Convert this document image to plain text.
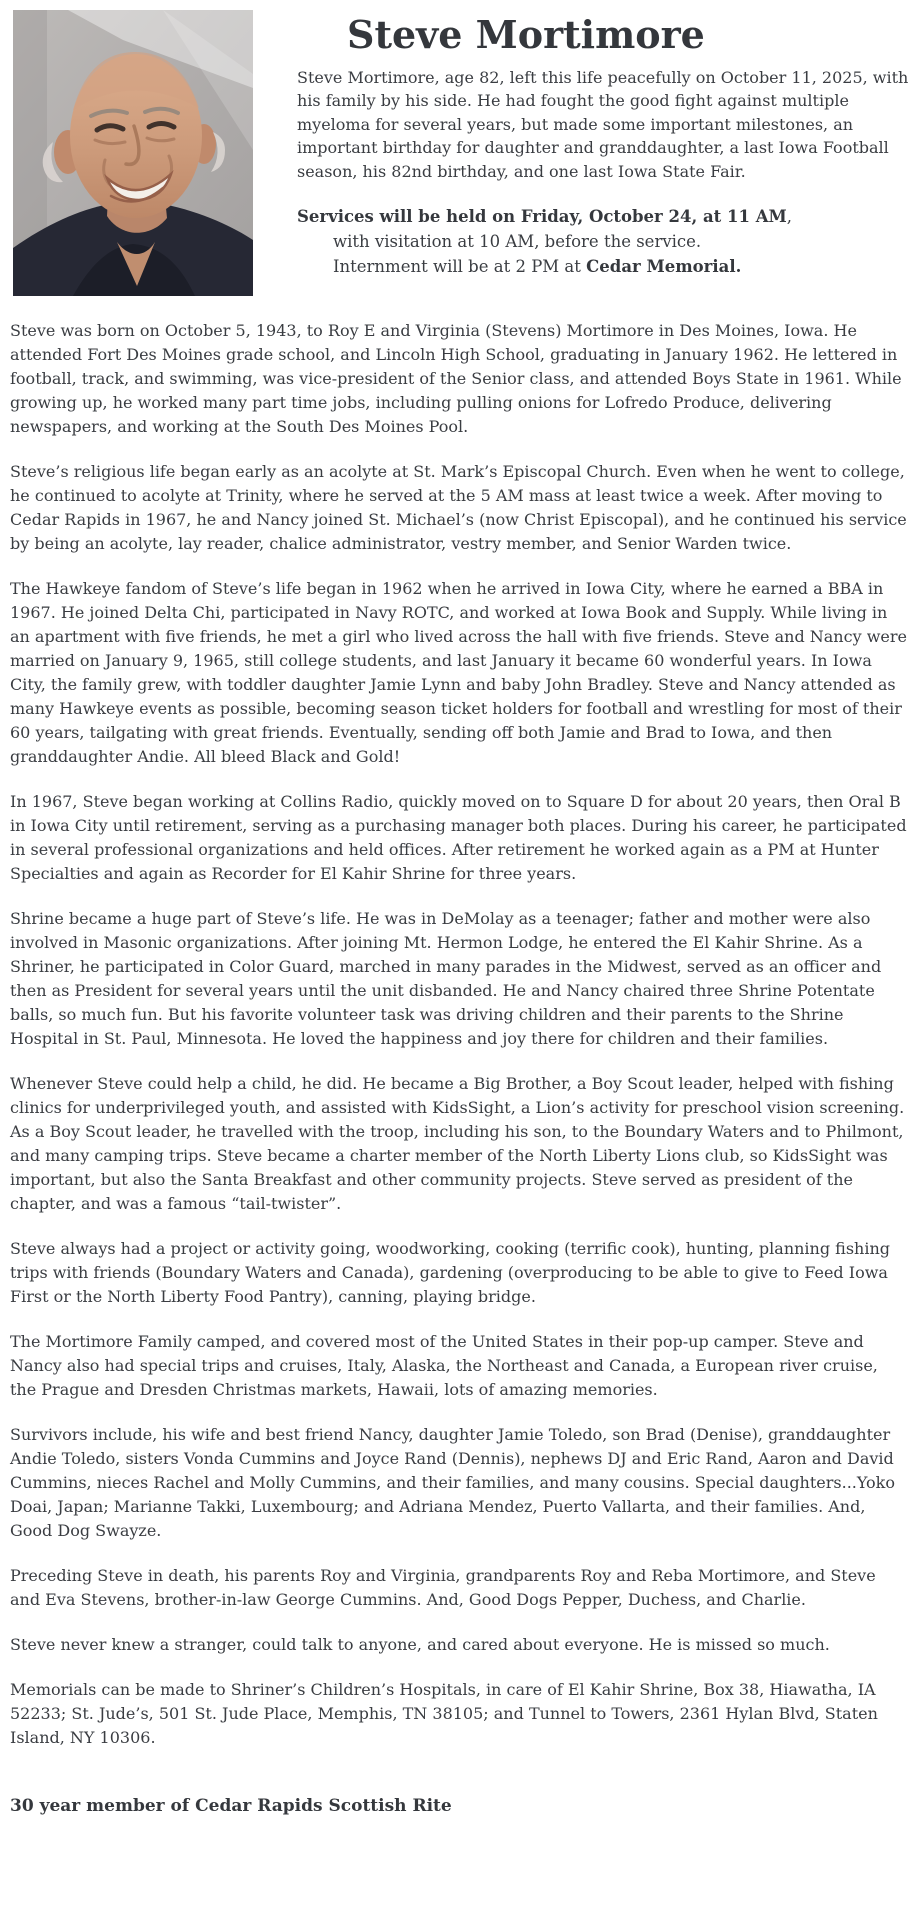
Steve Mortimore

Steve Mortimore, age 82, left this life peacefully on October 11, 2025, with his family by his side. He had fought the good fight against multiple myeloma for several years, but made some important milestones, an important birthday for daughter and granddaughter, a last Iowa Football season, his 82nd birthday, and one last Iowa State Fair.

Services will be held on Friday, October 24, at 11 AM,
with visitation at 10 AM, before the service.
Internment will be at 2 PM at Cedar Memorial.

Steve was born on October 5, 1943, to Roy E and Virginia (Stevens) Mortimore in Des Moines, Iowa. He attended Fort Des Moines grade school, and Lincoln High School, graduating in January 1962. He lettered in football, track, and swimming, was vice-president of the Senior class, and attended Boys State in 1961. While growing up, he worked many part time jobs, including pulling onions for Lofredo Produce, delivering newspapers, and working at the South Des Moines Pool.

Steve’s religious life began early as an acolyte at St. Mark’s Episcopal Church. Even when he went to college, he continued to acolyte at Trinity, where he served at the 5 AM mass at least twice a week. After moving to Cedar Rapids in 1967, he and Nancy joined St. Michael’s (now Christ Episcopal), and he continued his service by being an acolyte, lay reader, chalice administrator, vestry member, and Senior Warden twice.

The Hawkeye fandom of Steve’s life began in 1962 when he arrived in Iowa City, where he earned a BBA in 1967. He joined Delta Chi, participated in Navy ROTC, and worked at Iowa Book and Supply. While living in an apartment with five friends, he met a girl who lived across the hall with five friends. Steve and Nancy were married on January 9, 1965, still college students, and last January it became 60 wonderful years. In Iowa City, the family grew, with toddler daughter Jamie Lynn and baby John Bradley. Steve and Nancy attended as many Hawkeye events as possible, becoming season ticket holders for football and wrestling for most of their 60 years, tailgating with great friends. Eventually, sending off both Jamie and Brad to Iowa, and then granddaughter Andie. All bleed Black and Gold!

In 1967, Steve began working at Collins Radio, quickly moved on to Square D for about 20 years, then Oral B in Iowa City until retirement, serving as a purchasing manager both places. During his career, he participated in several professional organizations and held offices. After retirement he worked again as a PM at Hunter Specialties and again as Recorder for El Kahir Shrine for three years.

Shrine became a huge part of Steve’s life. He was in DeMolay as a teenager; father and mother were also involved in Masonic organizations. After joining Mt. Hermon Lodge, he entered the El Kahir Shrine. As a Shriner, he participated in Color Guard, marched in many parades in the Midwest, served as an officer and then as President for several years until the unit disbanded. He and Nancy chaired three Shrine Potentate balls, so much fun. But his favorite volunteer task was driving children and their parents to the Shrine Hospital in St. Paul, Minnesota. He loved the happiness and joy there for children and their families.

Whenever Steve could help a child, he did. He became a Big Brother, a Boy Scout leader, helped with fishing clinics for underprivileged youth, and assisted with KidsSight, a Lion’s activity for preschool vision screening. As a Boy Scout leader, he travelled with the troop, including his son, to the Boundary Waters and to Philmont, and many camping trips. Steve became a charter member of the North Liberty Lions club, so KidsSight was important, but also the Santa Breakfast and other community projects. Steve served as president of the chapter, and was a famous “tail-twister”.

Steve always had a project or activity going, woodworking, cooking (terrific cook), hunting, planning fishing trips with friends (Boundary Waters and Canada), gardening (overproducing to be able to give to Feed Iowa First or the North Liberty Food Pantry), canning, playing bridge.

The Mortimore Family camped, and covered most of the United States in their pop-up camper. Steve and Nancy also had special trips and cruises, Italy, Alaska, the Northeast and Canada, a European river cruise, the Prague and Dresden Christmas markets, Hawaii, lots of amazing memories.

Survivors include, his wife and best friend Nancy, daughter Jamie Toledo, son Brad (Denise), granddaughter Andie Toledo, sisters Vonda Cummins and Joyce Rand (Dennis), nephews DJ and Eric Rand, Aaron and David Cummins, nieces Rachel and Molly Cummins, and their families, and many cousins. Special daughters...Yoko Doai, Japan; Marianne Takki, Luxembourg; and Adriana Mendez, Puerto Vallarta, and their families. And, Good Dog Swayze.

Preceding Steve in death, his parents Roy and Virginia, grandparents Roy and Reba Mortimore, and Steve and Eva Stevens, brother-in-law George Cummins. And, Good Dogs Pepper, Duchess, and Charlie.

Steve never knew a stranger, could talk to anyone, and cared about everyone. He is missed so much.

Memorials can be made to Shriner’s Children’s Hospitals, in care of El Kahir Shrine, Box 38, Hiawatha, IA 52233; St. Jude’s, 501 St. Jude Place, Memphis, TN 38105; and Tunnel to Towers, 2361 Hylan Blvd, Staten Island, NY 10306.

30 year member of Cedar Rapids Scottish Rite
